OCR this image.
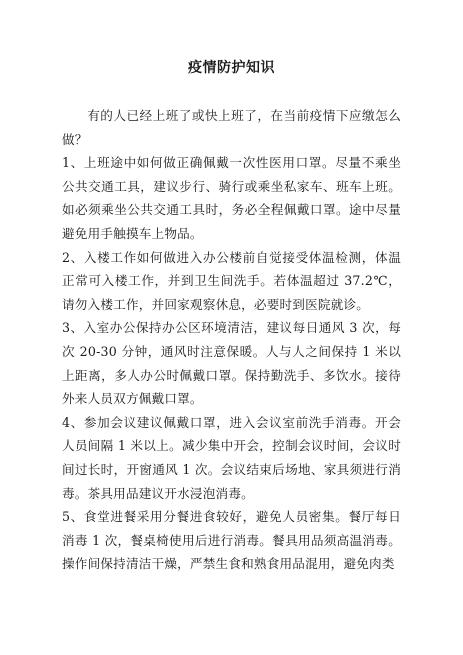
疫情防护知识

有的人已经上班了或快上班了，在当前疫情下应缴怎么做？

1、上班途中如何做正确佩戴一次性医用口罩。尽量不乘坐公共交通工具，建议步行、骑行或乘坐私家车、班车上班。如必须乘坐公共交通工具时，务必全程佩戴口罩。途中尽量避免用手触摸车上物品。

2、入楼工作如何做进入办公楼前自觉接受体温检测，体温正常可入楼工作，并到卫生间洗手。若体温超过 37.2℃，请勿入楼工作，并回家观察休息，必要时到医院就诊。

3、入室办公保持办公区环境清洁，建议每日通风 3 次，每次 20-30 分钟，通风时注意保暖。人与人之间保持 1 米以上距离，多人办公时佩戴口罩。保持勤洗手、多饮水。接待外来人员双方佩戴口罩。

4、参加会议建议佩戴口罩，进入会议室前洗手消毒。开会人员间隔 1 米以上。减少集中开会，控制会议时间，会议时间过长时，开窗通风 1 次。会议结束后场地、家具须进行消毒。茶具用品建议开水浸泡消毒。

5、食堂进餐采用分餐进食较好，避免人员密集。餐厅每日消毒 1 次，餐桌椅使用后进行消毒。餐具用品须高温消毒。操作间保持清洁干燥，严禁生食和熟食用品混用，避免肉类
